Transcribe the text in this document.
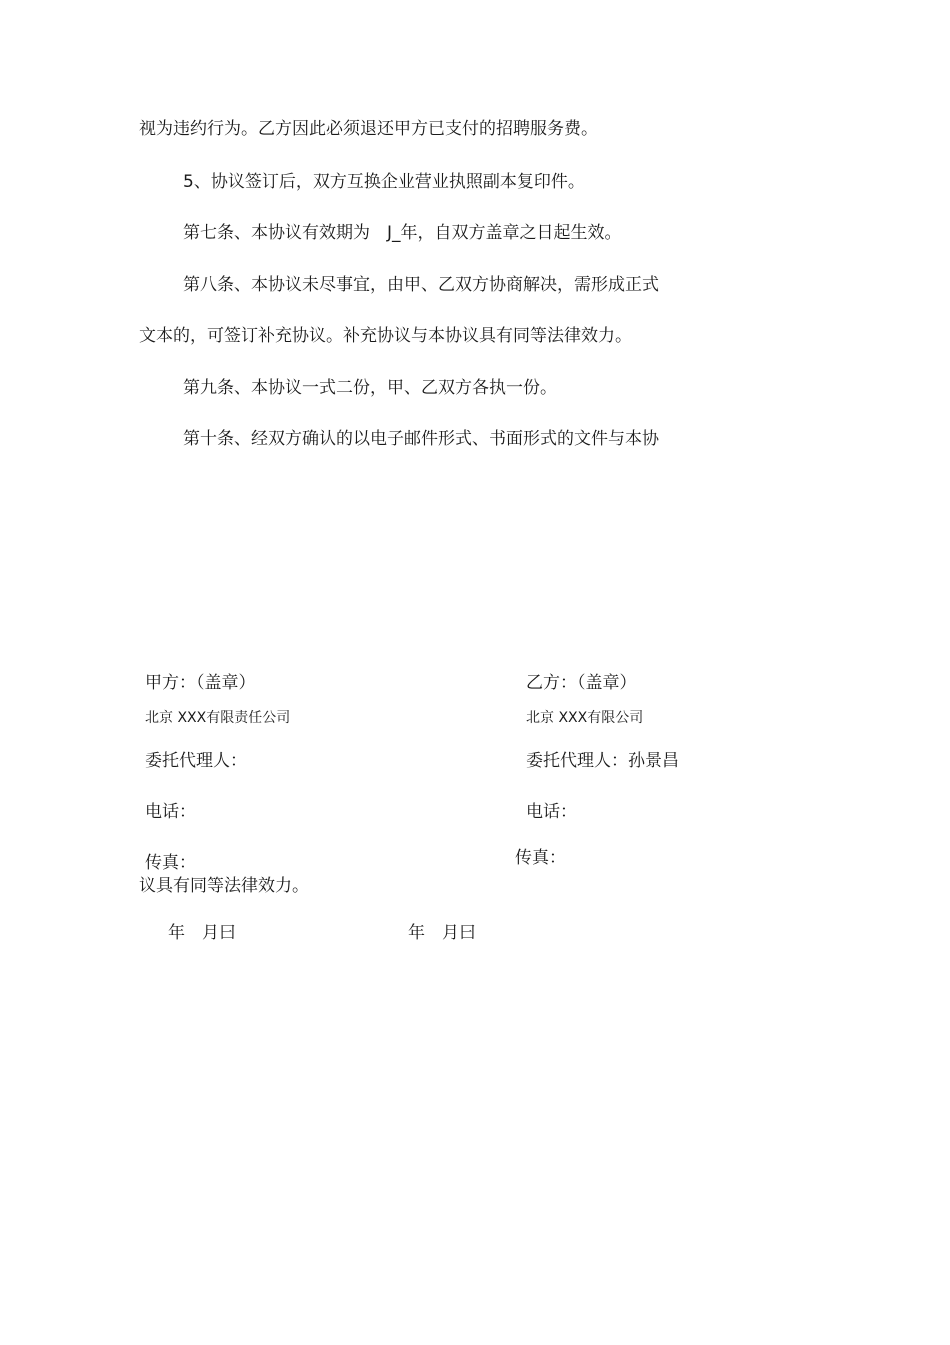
视为违约行为。乙方因此必须退还甲方已支付的招聘服务费。
5、协议签订后，双方互换企业营业执照副本复印件。
第七条、本协议有效期为　J_年，自双方盖章之日起生效。
第八条、本协议未尽事宜，由甲、乙双方协商解决，需形成正式
文本的，可签订补充协议。补充协议与本协议具有同等法律效力。
第九条、本协议一式二份，甲、乙双方各执一份。
第十条、经双方确认的以电子邮件形式、书面形式的文件与本协
甲方：（盖章）
北京 XXX有限责任公司
委托代理人：
电话：
传真：
乙方：（盖章）
北京 XXX有限公司
委托代理人：孙景昌
电话：
传真：
议具有同等法律效力。
年　月曰	年　月曰
